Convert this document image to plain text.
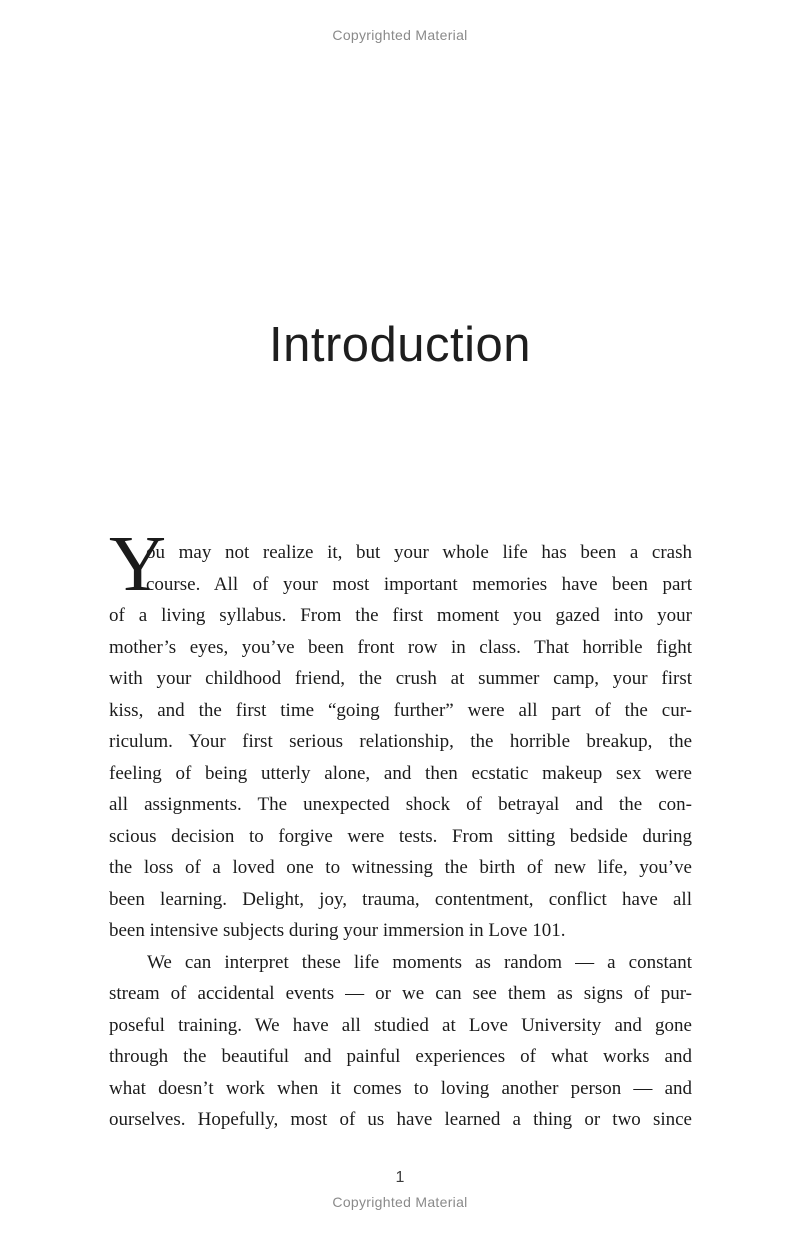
Copyrighted Material
Introduction
Y
ou may not realize it, but your whole life has been a crash
course. All of your most important memories have been part
of a living syllabus. From the first moment you gazed into your
mother’s eyes, you’ve been front row in class. That horrible fight
with your childhood friend, the crush at summer camp, your first
kiss, and the first time “going further” were all part of the cur-
riculum. Your first serious relationship, the horrible breakup, the
feeling of being utterly alone, and then ecstatic makeup sex were
all assignments. The unexpected shock of betrayal and the con-
scious decision to forgive were tests. From sitting bedside during
the loss of a loved one to witnessing the birth of new life, you’ve
been learning. Delight, joy, trauma, contentment, conflict have all
been intensive subjects during your immersion in Love 101.
We can interpret these life moments as random — a constant
stream of accidental events — or we can see them as signs of pur-
poseful training. We have all studied at Love University and gone
through the beautiful and painful experiences of what works and
what doesn’t work when it comes to loving another person — and
ourselves. Hopefully, most of us have learned a thing or two since
1
Copyrighted Material
